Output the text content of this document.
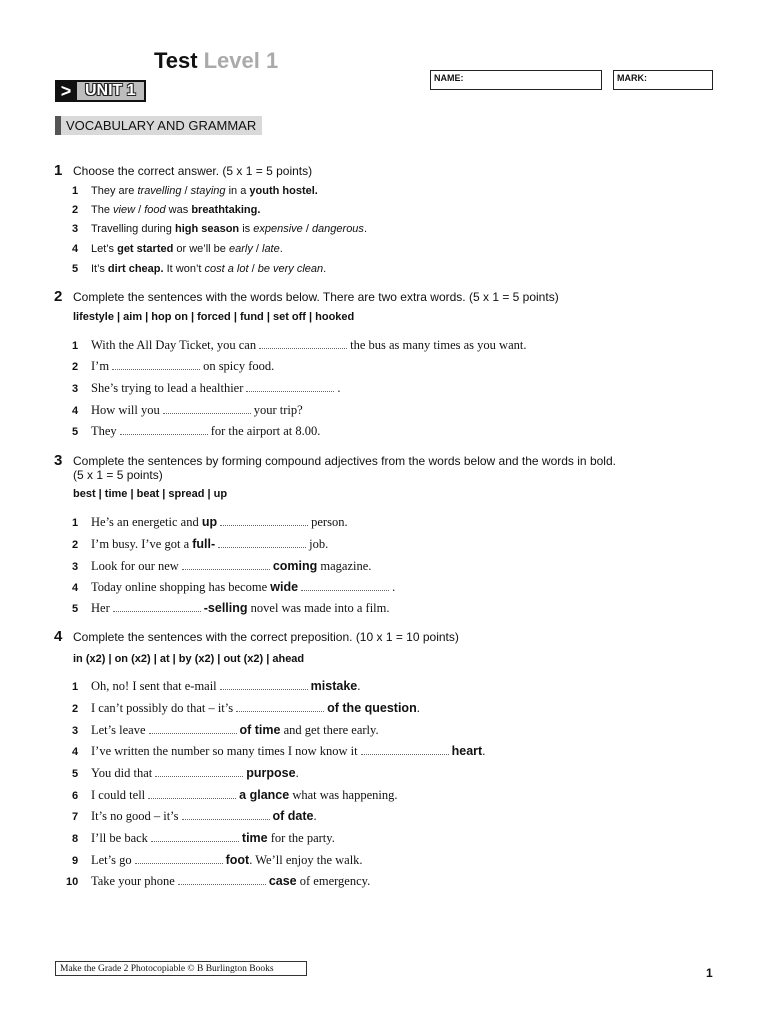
Test Level 1
NAME:	MARK:
> UNIT 1
VOCABULARY AND GRAMMAR
1 Choose the correct answer. (5 x 1 = 5 points)
1 They are travelling / staying in a youth hostel.
2 The view / food was breathtaking.
3 Travelling during high season is expensive / dangerous.
4 Let’s get started or we’ll be early / late.
5 It’s dirt cheap. It won’t cost a lot / be very clean.
2 Complete the sentences with the words below. There are two extra words. (5 x 1 = 5 points)
lifestyle | aim | hop on | forced | fund | set off | hooked
1 With the All Day Ticket, you can	the bus as many times as you want.
2 I’m	on spicy food.
3 She’s trying to lead a healthier	.
4 How will you	your trip?
5 They	for the airport at 8.00.
3 Complete the sentences by forming compound adjectives from the words below and the words in bold.
(5 x 1 = 5 points)
best | time | beat | spread | up
1 He’s an energetic and up	person.
2 I’m busy. I’ve got a full-	job.
3 Look for our new	coming magazine.
4 Today online shopping has become wide	.
5 Her	-selling novel was made into a film.
4 Complete the sentences with the correct preposition. (10 x 1 = 10 points)
in (x2) | on (x2) | at | by (x2) | out (x2) | ahead
1 Oh, no! I sent that e-mail	mistake.
2 I can’t possibly do that – it’s	of the question.
3 Let’s leave	of time and get there early.
4 I’ve written the number so many times I now know it	heart.
5 You did that	purpose.
6 I could tell	a glance what was happening.
7 It’s no good – it’s	of date.
8 I’ll be back	time for the party.
9 Let’s go	foot. We’ll enjoy the walk.
10 Take your phone	case of emergency.
Make the Grade 2 Photocopiable © B Burlington Books	1
